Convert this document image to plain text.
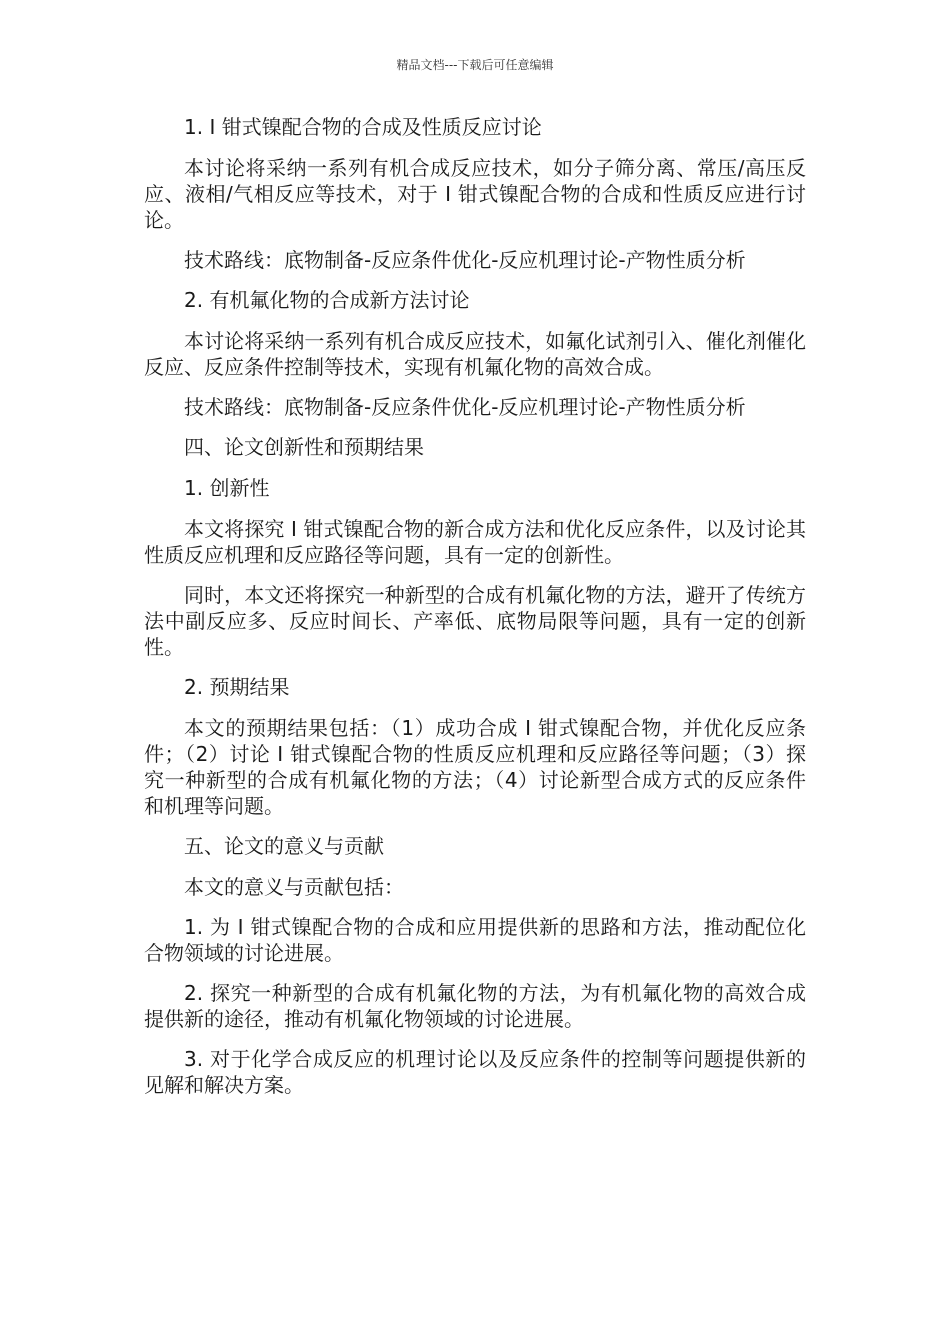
精品文档---下载后可任意编辑

1. I 钳式镍配合物的合成及性质反应讨论

本讨论将采纳一系列有机合成反应技术，如分子筛分离、常压/高压反应、液相/气相反应等技术，对于 I 钳式镍配合物的合成和性质反应进行讨论。

技术路线：底物制备-反应条件优化-反应机理讨论-产物性质分析

2. 有机氟化物的合成新方法讨论

本讨论将采纳一系列有机合成反应技术，如氟化试剂引入、催化剂催化反应、反应条件控制等技术，实现有机氟化物的高效合成。

技术路线：底物制备-反应条件优化-反应机理讨论-产物性质分析

四、论文创新性和预期结果

1. 创新性

本文将探究 I 钳式镍配合物的新合成方法和优化反应条件，以及讨论其性质反应机理和反应路径等问题，具有一定的创新性。

同时，本文还将探究一种新型的合成有机氟化物的方法，避开了传统方法中副反应多、反应时间长、产率低、底物局限等问题，具有一定的创新性。

2. 预期结果

本文的预期结果包括：（1）成功合成 I 钳式镍配合物，并优化反应条件；（2）讨论 I 钳式镍配合物的性质反应机理和反应路径等问题；（3）探究一种新型的合成有机氟化物的方法；（4）讨论新型合成方式的反应条件和机理等问题。

五、论文的意义与贡献

本文的意义与贡献包括：

1. 为 I 钳式镍配合物的合成和应用提供新的思路和方法，推动配位化合物领域的讨论进展。

2. 探究一种新型的合成有机氟化物的方法，为有机氟化物的高效合成提供新的途径，推动有机氟化物领域的讨论进展。

3. 对于化学合成反应的机理讨论以及反应条件的控制等问题提供新的见解和解决方案。
